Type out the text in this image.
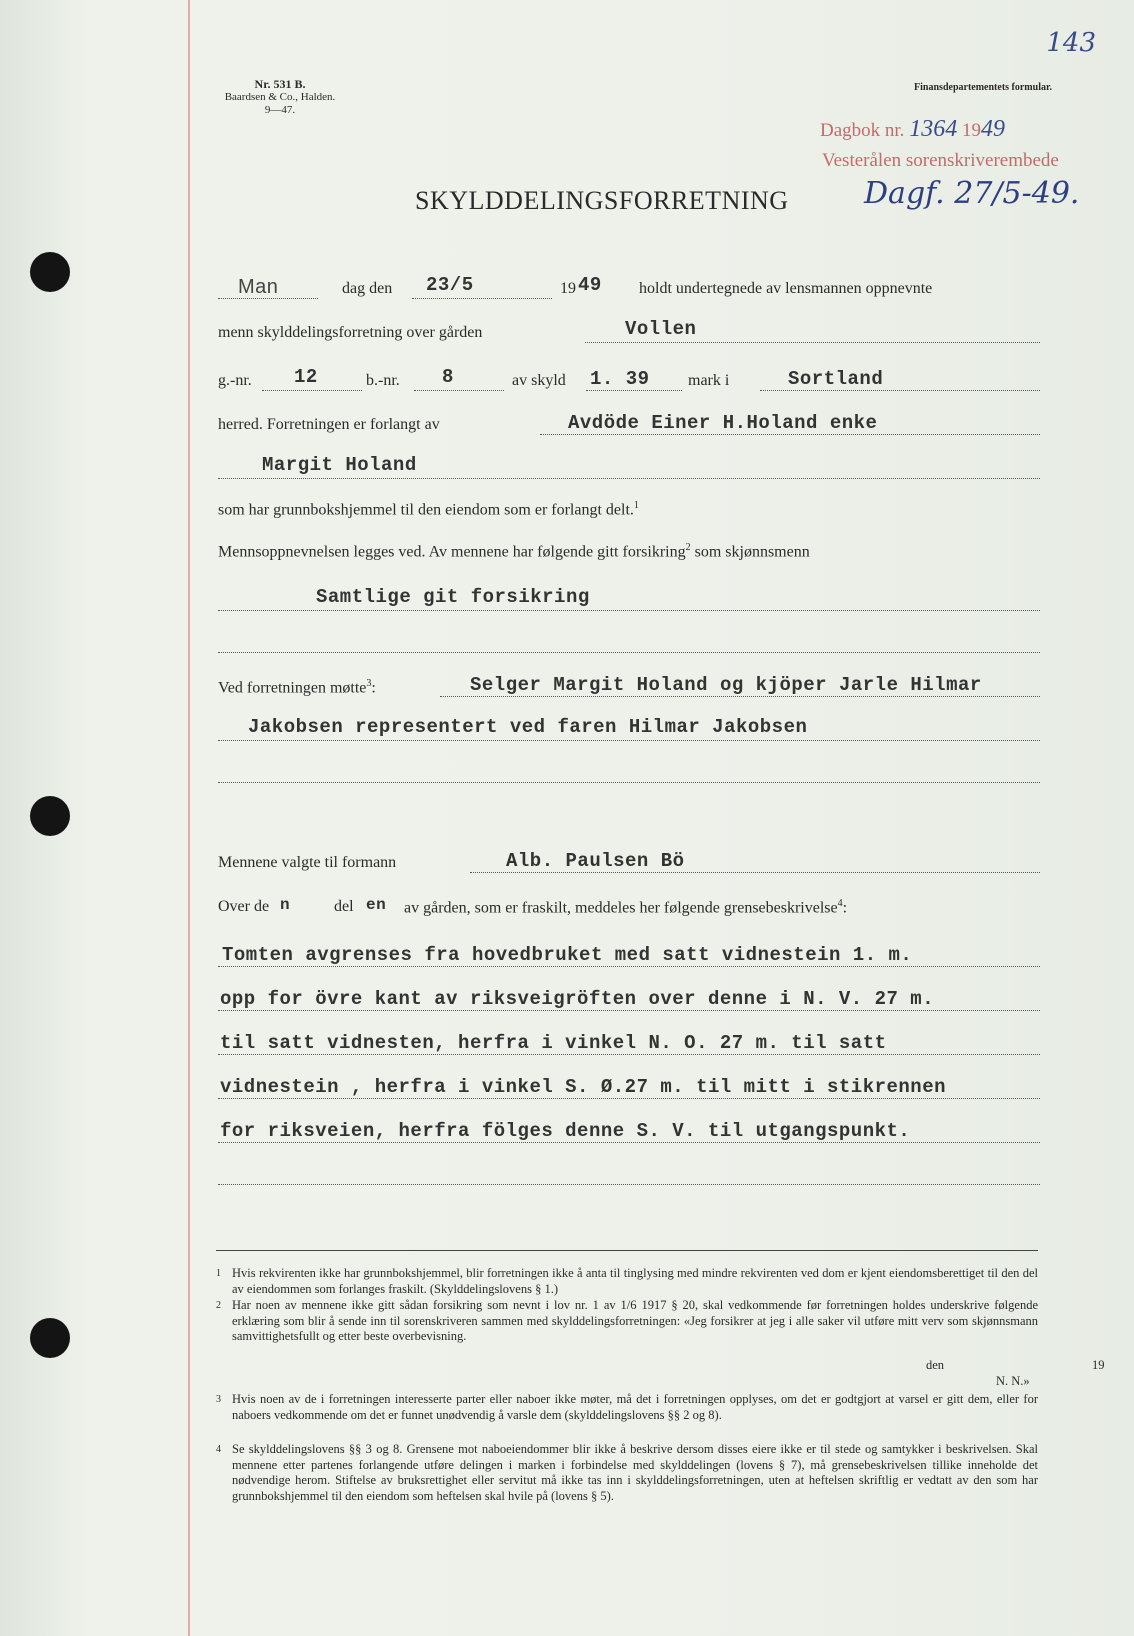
143
Nr. 531 B.
Baardsen & Co., Halden.
9—47.
Finansdepartementets formular.
Dagbok nr. 1364 1949
Vesterålen sorenskriverembede
SKYLDDELINGSFORRETNING	Dagf. 27/5-49.
Man	dag den 23/5	19 49 holdt undertegnede av lensmannen oppnevnte
menn skylddelingsforretning over gården	Vollen
g.-nr. 12	b.-nr. 8	av skyld 1. 39 mark i	Sortland
herred. Forretningen er forlangt av	Avdöde Einer H.Holand enke
Margit Holand
som har grunnbokshjemmel til den eiendom som er forlangt delt.$^1$
Mennsoppnevnelsen legges ved. Av mennene har følgende gitt forsikring$^2$ som skjønnsmenn
Samtlige git forsikring
Ved forretningen møtte$^3$:	Selger Margit Holand og kjöper Jarle Hilmar
Jakobsen representert ved faren Hilmar Jakobsen
Mennene valgte til formann	Alb. Paulsen Bö
Over de n	del en av gården, som er fraskilt, meddeles her følgende grensebeskrivelse$^4$:
Tomten avgrenses fra hovedbruket med satt vidnestein 1. m.
opp for övre kant av riksveigröften over denne i N. V. 27 m.
til satt vidnesten, herfra i vinkel N. O. 27 m. til satt
vidnestein , herfra i vinkel S. Ø.27 m. til mitt i stikrennen
for riksveien, herfra fölges denne S. V. til utgangspunkt.
1 Hvis rekvirenten ikke har grunnbokshjemmel, blir forretningen ikke å anta til tinglysing med mindre rekvirenten ved dom er kjent eiendomsberettiget til den del av eiendommen som forlanges fraskilt. (Skylddelingslovens § 1.)
2 Har noen av mennene ikke gitt sådan forsikring som nevnt i lov nr. 1 av 1/6 1917 § 20, skal vedkommende før forretningen holdes underskrive følgende erklæring som blir å sende inn til sorenskriveren sammen med skylddelingsforretningen: «Jeg forsikrer at jeg i alle saker vil utføre mitt verv som skjønnsmann samvittighetsfullt og etter beste overbevisning.
den	19
N. N.»
3 Hvis noen av de i forretningen interesserte parter eller naboer ikke møter, må det i forretningen opplyses, om det er godtgjort at varsel er gitt dem, eller for naboers vedkommende om det er funnet unødvendig å varsle dem (skylddelingslovens §§ 2 og 8).
4 Se skylddelingslovens §§ 3 og 8. Grensene mot naboeiendommer blir ikke å beskrive dersom disses eiere ikke er til stede og samtykker i beskrivelsen. Skal mennene etter partenes forlangende utføre delingen i marken i forbindelse med skylddelingen (lovens § 7), må grensebeskrivelsen tillike inneholde det nødvendige herom. Stiftelse av bruksrettighet eller servitut må ikke tas inn i skylddelingsforretningen, uten at heftelsen skriftlig er vedtatt av den som har grunnbokshjemmel til den eiendom som heftelsen skal hvile på (lovens § 5).
